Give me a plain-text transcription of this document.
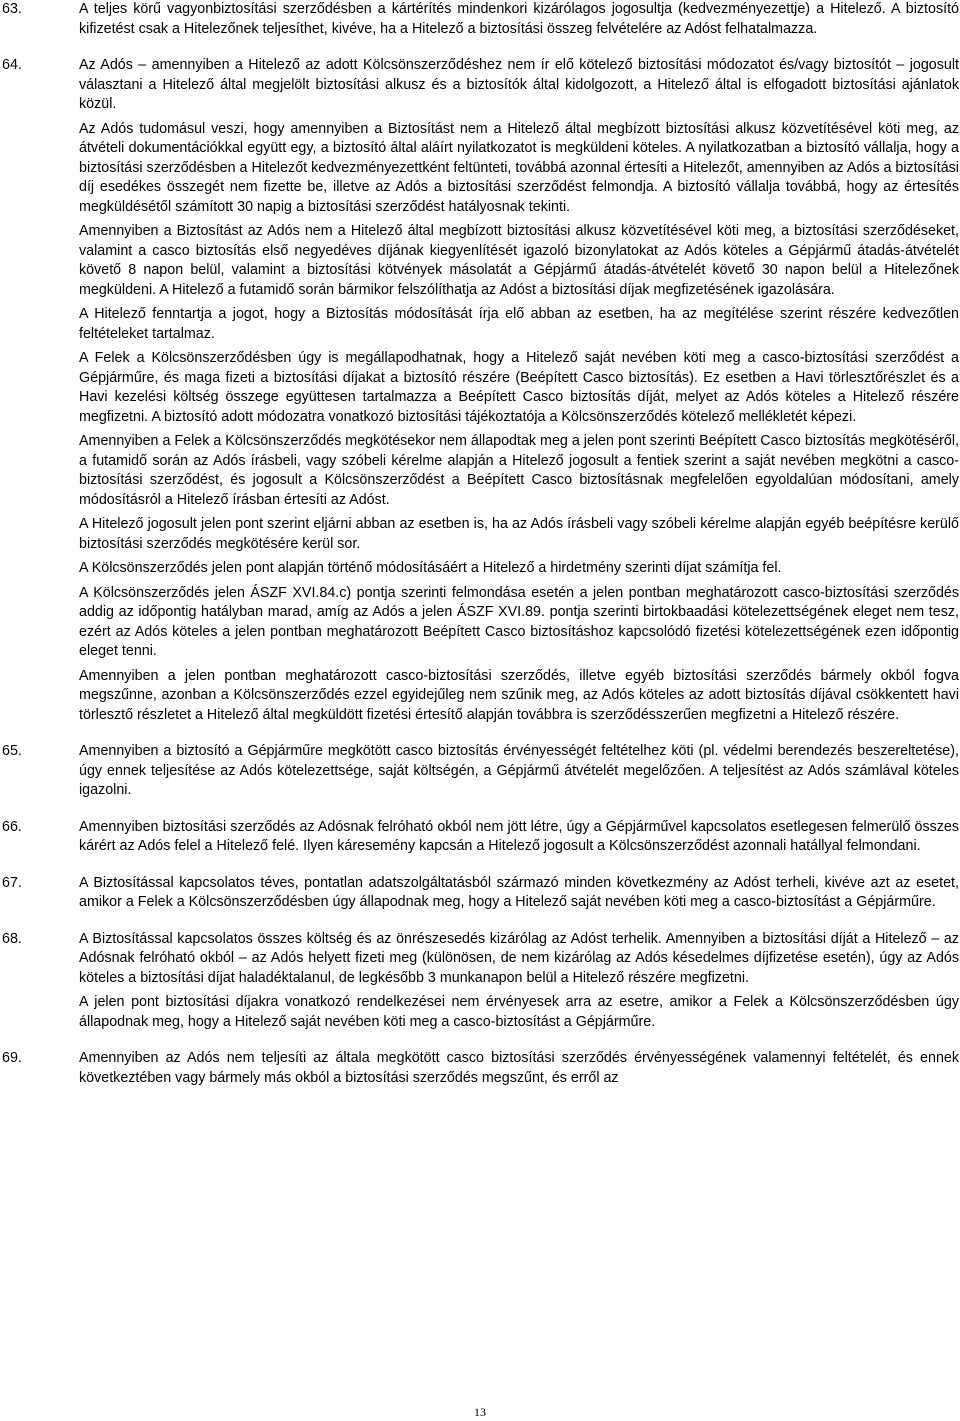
63.	A teljes körű vagyonbiztosítási szerződésben a kártérítés mindenkori kizárólagos jogosultja (kedvezményezettje) a Hitelező. A biztosító kifizetést csak a Hitelezőnek teljesíthet, kivéve, ha a Hitelező a biztosítási összeg felvételére az Adóst felhatalmazza.

64.	Az Adós – amennyiben a Hitelező az adott Kölcsönszerződéshez nem ír elő kötelező biztosítási módozatot és/vagy biztosítót – jogosult választani a Hitelező által megjelölt biztosítási alkusz és a biztosítók által kidolgozott, a Hitelező által is elfogadott biztosítási ajánlatok közül.

Az Adós tudomásul veszi, hogy amennyiben a Biztosítást nem a Hitelező által megbízott biztosítási alkusz közvetítésével köti meg, az átvételi dokumentációkkal együtt egy, a biztosító által aláírt nyilatkozatot is megküldeni köteles. A nyilatkozatban a biztosító vállalja, hogy a biztosítási szerződésben a Hitelezőt kedvezményezettként feltünteti, továbbá azonnal értesíti a Hitelezőt, amennyiben az Adós a biztosítási díj esedékes összegét nem fizette be, illetve az Adós a biztosítási szerződést felmondja. A biztosító vállalja továbbá, hogy az értesítés megküldésétől számított 30 napig a biztosítási szerződést hatályosnak tekinti.

Amennyiben a Biztosítást az Adós nem a Hitelező által megbízott biztosítási alkusz közvetítésével köti meg, a biztosítási szerződéseket, valamint a casco biztosítás első negyedéves díjának kiegyenlítését igazoló bizonylatokat az Adós köteles a Gépjármű átadás-átvételét követő 8 napon belül, valamint a biztosítási kötvények másolatát a Gépjármű átadás-átvételét követő 30 napon belül a Hitelezőnek megküldeni. A Hitelező a futamidő során bármikor felszólíthatja az Adóst a biztosítási díjak megfizetésének igazolására.

A Hitelező fenntartja a jogot, hogy a Biztosítás módosítását írja elő abban az esetben, ha az megítélése szerint részére kedvezőtlen feltételeket tartalmaz.

A Felek a Kölcsönszerződésben úgy is megállapodhatnak, hogy a Hitelező saját nevében köti meg a casco-biztosítási szerződést a Gépjárműre, és maga fizeti a biztosítási díjakat a biztosító részére (Beépített Casco biztosítás). Ez esetben a Havi törlesztőrészlet és a Havi kezelési költség összege együttesen tartalmazza a Beépített Casco biztosítás díját, melyet az Adós köteles a Hitelező részére megfizetni. A biztosító adott módozatra vonatkozó biztosítási tájékoztatója a Kölcsönszerződés kötelező mellékletét képezi.

Amennyiben a Felek a Kölcsönszerződés megkötésekor nem állapodtak meg a jelen pont szerinti Beépített Casco biztosítás megkötéséről, a futamidő során az Adós írásbeli, vagy szóbeli kérelme alapján a Hitelező jogosult a fentiek szerint a saját nevében megkötni a casco-biztosítási szerződést, és jogosult a Kölcsönszerződést a Beépített Casco biztosításnak megfelelően egyoldalúan módosítani, amely módosításról a Hitelező írásban értesíti az Adóst.

A Hitelező jogosult jelen pont szerint eljárni abban az esetben is, ha az Adós írásbeli vagy szóbeli kérelme alapján egyéb beépítésre kerülő biztosítási szerződés megkötésére kerül sor.

A Kölcsönszerződés jelen pont alapján történő módosításáért a Hitelező a hirdetmény szerinti díjat számítja fel.

A Kölcsönszerződés jelen ÁSZF XVI.84.c) pontja szerinti felmondása esetén a jelen pontban meghatározott casco-biztosítási szerződés addig az időpontig hatályban marad, amíg az Adós a jelen ÁSZF XVI.89. pontja szerinti birtokbaadási kötelezettségének eleget nem tesz, ezért az Adós köteles a jelen pontban meghatározott Beépített Casco biztosításhoz kapcsolódó fizetési kötelezettségének ezen időpontig eleget tenni.

Amennyiben a jelen pontban meghatározott casco-biztosítási szerződés, illetve egyéb biztosítási szerződés bármely okból fogva megszűnne, azonban a Kölcsönszerződés ezzel egyidejűleg nem szűnik meg, az Adós köteles az adott biztosítás díjával csökkentett havi törlesztő részletet a Hitelező által megküldött fizetési értesítő alapján továbbra is szerződésszerűen megfizetni a Hitelező részére.

65.	Amennyiben a biztosító a Gépjárműre megkötött casco biztosítás érvényességét feltételhez köti (pl. védelmi berendezés beszereltetése), úgy ennek teljesítése az Adós kötelezettsége, saját költségén, a Gépjármű átvételét megelőzően. A teljesítést az Adós számlával köteles igazolni.

66.	Amennyiben biztosítási szerződés az Adósnak felróható okból nem jött létre, úgy a Gépjárművel kapcsolatos esetlegesen felmerülő összes kárért az Adós felel a Hitelező felé. Ilyen káresemény kapcsán a Hitelező jogosult a Kölcsönszerződést azonnali hatállyal felmondani.

67.	A Biztosítással kapcsolatos téves, pontatlan adatszolgáltatásból származó minden következmény az Adóst terheli, kivéve azt az esetet, amikor a Felek a Kölcsönszerződésben úgy állapodnak meg, hogy a Hitelező saját nevében köti meg a casco-biztosítást a Gépjárműre.

68.	A Biztosítással kapcsolatos összes költség és az önrészesedés kizárólag az Adóst terhelik. Amennyiben a biztosítási díját a Hitelező – az Adósnak felróható okból – az Adós helyett fizeti meg (különösen, de nem kizárólag az Adós késedelmes díjfizetése esetén), úgy az Adós köteles a biztosítási díjat haladéktalanul, de legkésőbb 3 munkanapon belül a Hitelező részére megfizetni.

A jelen pont biztosítási díjakra vonatkozó rendelkezései nem érvényesek arra az esetre, amikor a Felek a Kölcsönszerződésben úgy állapodnak meg, hogy a Hitelező saját nevében köti meg a casco-biztosítást a Gépjárműre.

69.	Amennyiben az Adós nem teljesíti az általa megkötött casco biztosítási szerződés érvényességének valamennyi feltételét, és ennek következtében vagy bármely más okból a biztosítási szerződés megszűnt, és erről az

13
